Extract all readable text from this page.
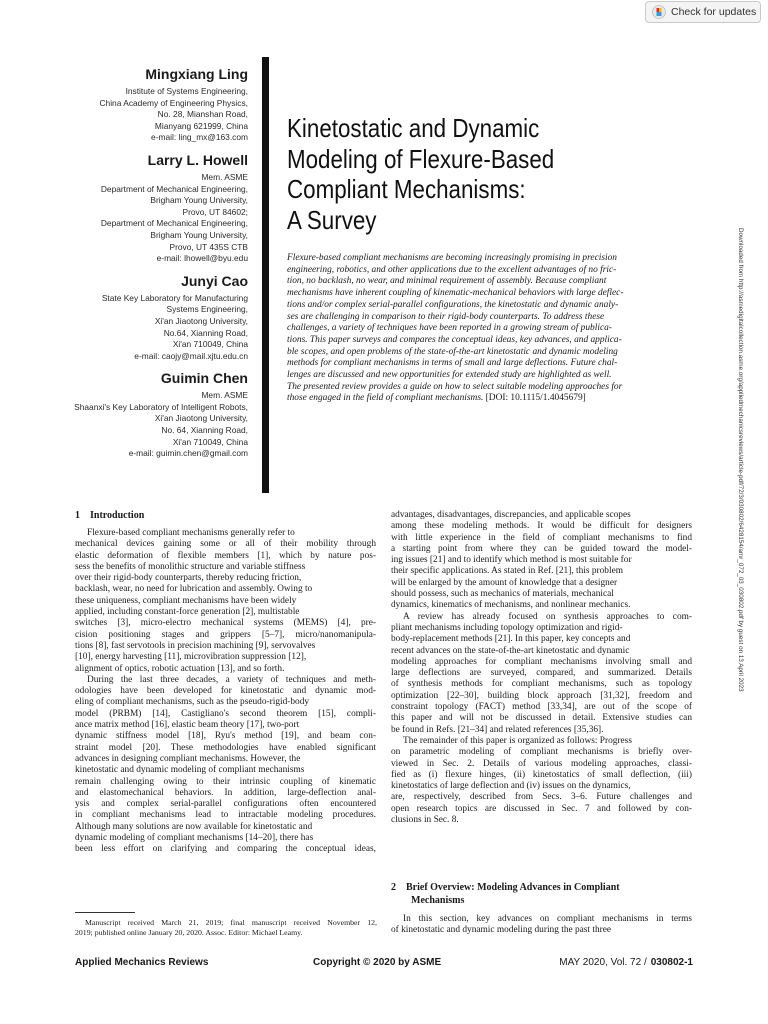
Check for updates
Mingxiang Ling
Institute of Systems Engineering,
China Academy of Engineering Physics,
No. 28, Mianshan Road,
Mianyang 621999, China
e-mail: ling_mx@163.com
Larry L. Howell
Mem. ASME
Department of Mechanical Engineering,
Brigham Young University,
Provo, UT 84602;
Department of Mechanical Engineering,
Brigham Young University,
Provo, UT 435S CTB
e-mail: lhowell@byu.edu
Junyi Cao
State Key Laboratory for Manufacturing
Systems Engineering,
Xi'an Jiaotong University,
No.64, Xianning Road,
Xi'an 710049, China
e-mail: caojy@mail.xjtu.edu.cn
Guimin Chen
Mem. ASME
Shaanxi's Key Laboratory of Intelligent Robots,
Xi'an Jiaotong University,
No. 64, Xianning Road,
Xi'an 710049, China
e-mail: guimin.chen@gmail.com
Kinetostatic and Dynamic
Modeling of Flexure-Based
Compliant Mechanisms:
A Survey
Flexure-based compliant mechanisms are becoming increasingly promising in precision
engineering, robotics, and other applications due to the excellent advantages of no fric-
tion, no backlash, no wear, and minimal requirement of assembly. Because compliant
mechanisms have inherent coupling of kinematic-mechanical behaviors with large deflec-
tions and/or complex serial-parallel configurations, the kinetostatic and dynamic analy-
ses are challenging in comparison to their rigid-body counterparts. To address these
challenges, a variety of techniques have been reported in a growing stream of publica-
tions. This paper surveys and compares the conceptual ideas, key advances, and applica-
ble scopes, and open problems of the state-of-the-art kinetostatic and dynamic modeling
methods for compliant mechanisms in terms of small and large deflections. Future chal-
lenges are discussed and new opportunities for extended study are highlighted as well.
The presented review provides a guide on how to select suitable modeling approaches for
those engaged in the field of compliant mechanisms. [DOI: 10.1115/1.4045679]	Downloaded from http://asmedigitalcollection.asme.org/appliedmechanicsreviews/article-pdf/72/3/030802/6428154/amr_072_03_030802.pdf by guest on 13 April 2023
1 Introduction
Flexure-based compliant mechanisms generally refer to
mechanical devices gaining some or all of their mobility through
elastic deformation of flexible members [1], which by nature pos-
sess the benefits of monolithic structure and variable stiffness
over their rigid-body counterparts, thereby reducing friction,
backlash, wear, no need for lubrication and assembly. Owing to
these uniqueness, compliant mechanisms have been widely
applied, including constant-force generation [2], multistable
switches [3], micro-electro mechanical systems (MEMS) [4], pre-
cision positioning stages and grippers [5–7], micro/nanomanipula-
tions [8], fast servotools in precision machining [9], servovalves
[10], energy harvesting [11], microvibration suppression [12],
alignment of optics, robotic actuation [13], and so forth.
During the last three decades, a variety of techniques and meth-
odologies have been developed for kinetostatic and dynamic mod-
eling of compliant mechanisms, such as the pseudo-rigid-body
model (PRBM) [14], Castigliano's second theorem [15], compli-
ance matrix method [16], elastic beam theory [17], two-port
dynamic stiffness model [18], Ryu's method [19], and beam con-
straint model [20]. These methodologies have enabled significant
advances in designing compliant mechanisms. However, the
kinetostatic and dynamic modeling of compliant mechanisms
remain challenging owing to their intrinsic coupling of kinematic
and elastomechanical behaviors. In addition, large-deflection anal-
ysis and complex serial-parallel configurations often encountered
in compliant mechanisms lead to intractable modeling procedures.
Although many solutions are now available for kinetostatic and
dynamic modeling of compliant mechanisms [14–20], there has
been less effort on clarifying and comparing the conceptual ideas,
advantages, disadvantages, discrepancies, and applicable scopes
among these modeling methods. It would be difficult for designers
with little experience in the field of compliant mechanisms to find
a starting point from where they can be guided toward the model-
ing issues [21] and to identify which method is most suitable for
their specific applications. As stated in Ref. [21], this problem
will be enlarged by the amount of knowledge that a designer
should possess, such as mechanics of materials, mechanical
dynamics, kinematics of mechanisms, and nonlinear mechanics.
A review has already focused on synthesis approaches to com-
pliant mechanisms including topology optimization and rigid-
body-replacement methods [21]. In this paper, key concepts and
recent advances on the state-of-the-art kinetostatic and dynamic
modeling approaches for compliant mechanisms involving small and
large deflections are surveyed, compared, and summarized. Details
of synthesis methods for compliant mechanisms, such as topology
optimization [22–30], building block approach [31,32], freedom and
constraint topology (FACT) method [33,34], are out of the scope of
this paper and will not be discussed in detail. Extensive studies can
be found in Refs. [21–34] and related references [35,36].
The remainder of this paper is organized as follows: Progress
on parametric modeling of compliant mechanisms is briefly over-
viewed in Sec. 2. Details of various modeling approaches, classi-
fied as (i) flexure hinges, (ii) kinetostatics of small deflection, (iii)
kinetostatics of large deflection and (iv) issues on the dynamics,
are, respectively, described from Secs. 3–6. Future challenges and
open research topics are discussed in Sec. 7 and followed by con-
clusions in Sec. 8.
2 Brief Overview: Modeling Advances in Compliant
Mechanisms
In this section, key advances on compliant mechanisms in terms
of kinetostatic and dynamic modeling during the past three
Manuscript received March 21, 2019; final manuscript received November 12,
2019; published online January 20, 2020. Assoc. Editor: Michael Leamy.
Applied Mechanics Reviews	Copyright © 2020 by ASME	MAY 2020, Vol. 72 / 030802-1
